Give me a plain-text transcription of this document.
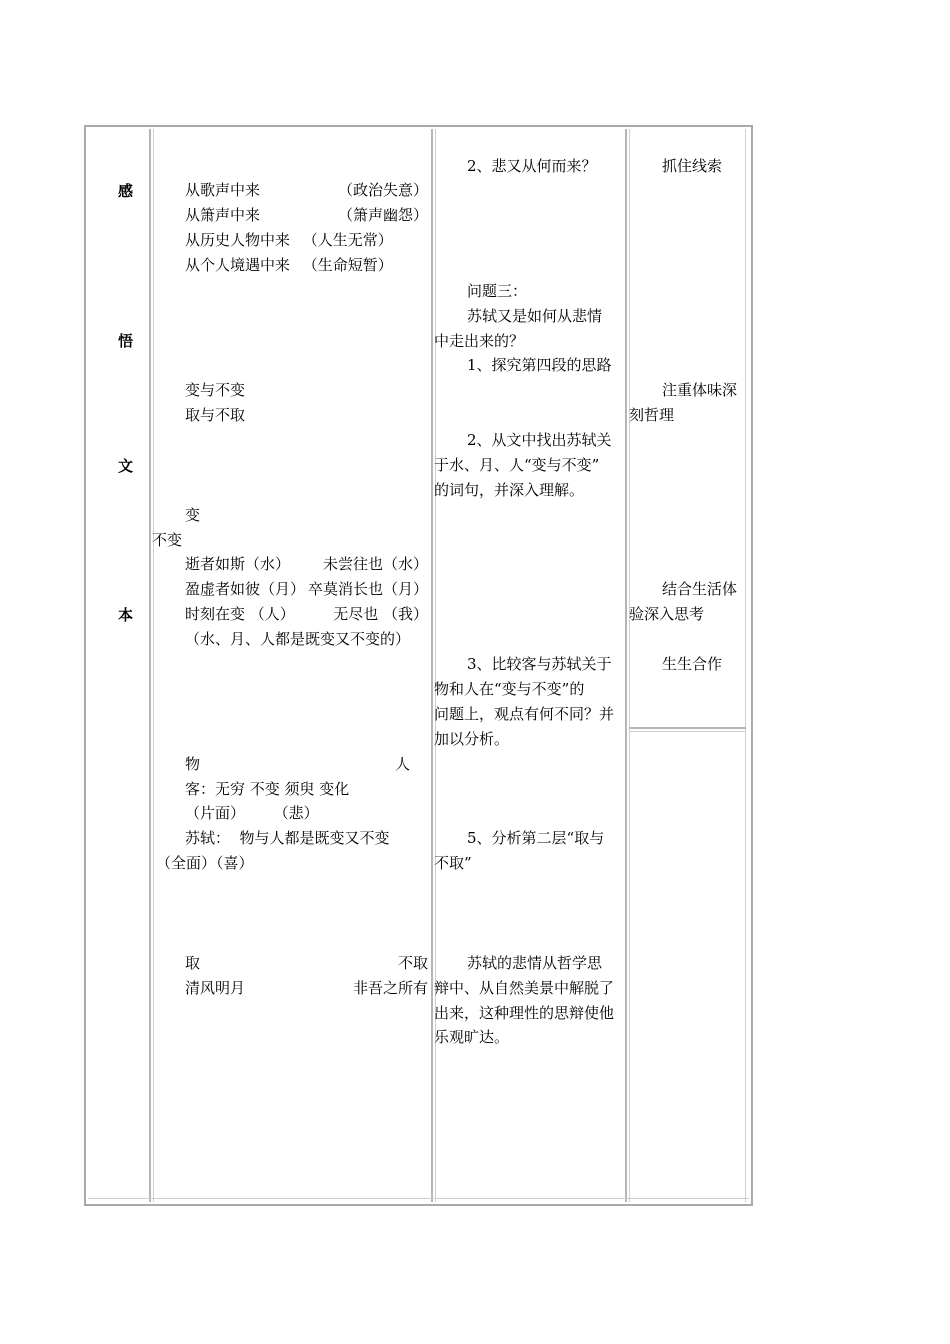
感
悟
文
本
从歌声中来	（政治失意）
从箫声中来	（箫声幽怨）
从历史人物中来 （人生无常）
从个人境遇中来 （生命短暂）
变与不变
取与不取
变
不变
逝者如斯（水） 未尝往也（水）
盈虚者如彼（月） 卒莫消长也（月）
时刻在变 （人）	无尽也 （我）
（水、月、人都是既变又不变的）
物	人
客：无穷 不变 须臾 变化
（片面）      （悲）
苏轼：  物与人都是既变又不变
（全面）（喜）
取	不取
清风明月	非吾之所有
2、悲又从何而来？
问题三：
苏轼又是如何从悲情
中走出来的？
1、探究第四段的思路
2、从文中找出苏轼关
于水、月、人“变与不变”
的词句，并深入理解。
3、比较客与苏轼关于
物和人在“变与不变”的
问题上，观点有何不同？并
加以分析。
5、分析第二层“取与
不取”
苏轼的悲情从哲学思
辩中、从自然美景中解脱了
出来，这种理性的思辩使他
乐观旷达。
抓住线索
注重体味深
刻哲理
结合生活体
验深入思考
生生合作
